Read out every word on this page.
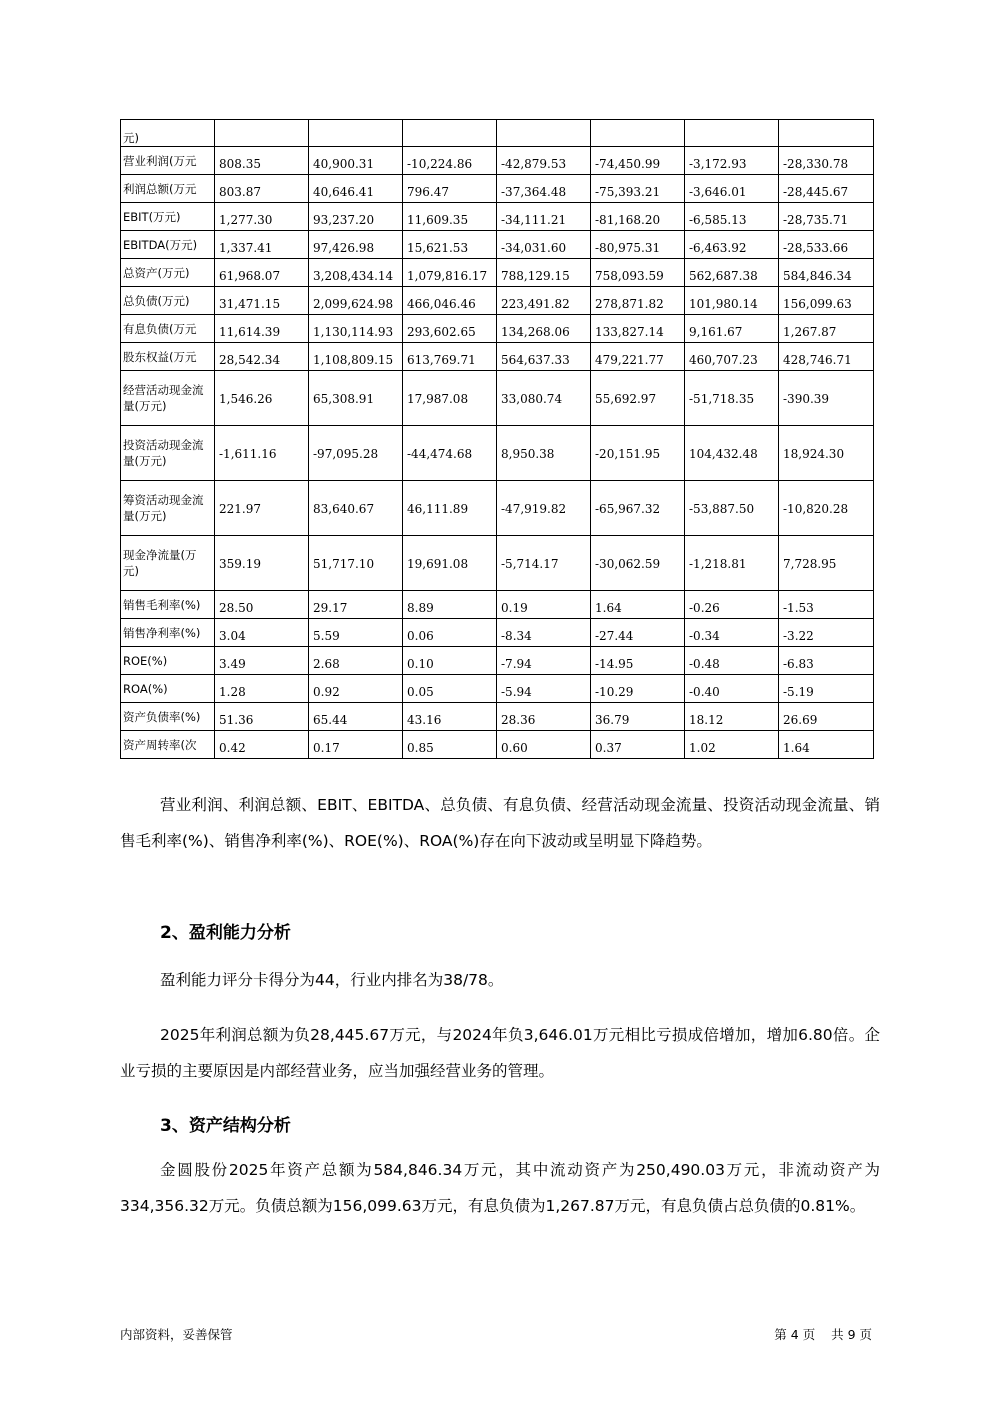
元)							
营业利润(万元	808.35	40,900.31	-10,224.86	-42,879.53	-74,450.99	-3,172.93	-28,330.78
利润总额(万元	803.87	40,646.41	796.47	-37,364.48	-75,393.21	-3,646.01	-28,445.67
EBIT(万元)	1,277.30	93,237.20	11,609.35	-34,111.21	-81,168.20	-6,585.13	-28,735.71
EBITDA(万元)	1,337.41	97,426.98	15,621.53	-34,031.60	-80,975.31	-6,463.92	-28,533.66
总资产(万元)	61,968.07	3,208,434.14	1,079,816.17	788,129.15	758,093.59	562,687.38	584,846.34
总负债(万元)	31,471.15	2,099,624.98	466,046.46	223,491.82	278,871.82	101,980.14	156,099.63
有息负债(万元	11,614.39	1,130,114.93	293,602.65	134,268.06	133,827.14	9,161.67	1,267.87
股东权益(万元	28,542.34	1,108,809.15	613,769.71	564,637.33	479,221.77	460,707.23	428,746.71
经营活动现金流量(万元)	1,546.26	65,308.91	17,987.08	33,080.74	55,692.97	-51,718.35	-390.39
投资活动现金流量(万元)	-1,611.16	-97,095.28	-44,474.68	8,950.38	-20,151.95	104,432.48	18,924.30
筹资活动现金流量(万元)	221.97	83,640.67	46,111.89	-47,919.82	-65,967.32	-53,887.50	-10,820.28
现金净流量(万元)	359.19	51,717.10	19,691.08	-5,714.17	-30,062.59	-1,218.81	7,728.95
销售毛利率(%)	28.50	29.17	8.89	0.19	1.64	-0.26	-1.53
销售净利率(%)	3.04	5.59	0.06	-8.34	-27.44	-0.34	-3.22
ROE(%)	3.49	2.68	0.10	-7.94	-14.95	-0.48	-6.83
ROA(%)	1.28	0.92	0.05	-5.94	-10.29	-0.40	-5.19
资产负债率(%)	51.36	65.44	43.16	28.36	36.79	18.12	26.69
资产周转率(次	0.42	0.17	0.85	0.60	0.37	1.02	1.64
营业利润、利润总额、EBIT、EBITDA、总负债、有息负债、经营活动现金流量、投资活动现金流量、销售毛利率(%)、销售净利率(%)、ROE(%)、ROA(%)存在向下波动或呈明显下降趋势。
2、盈利能力分析
盈利能力评分卡得分为44，行业内排名为38/78。
2025年利润总额为负28,445.67万元，与2024年负3,646.01万元相比亏损成倍增加，增加6.80倍。企业亏损的主要原因是内部经营业务，应当加强经营业务的管理。
3、资产结构分析
金圆股份2025年资产总额为584,846.34万元，其中流动资产为250,490.03万元，非流动资产为334,356.32万元。负债总额为156,099.63万元，有息负债为1,267.87万元，有息负债占总负债的0.81%。
内部资料，妥善保管	第 4 页    共 9 页
